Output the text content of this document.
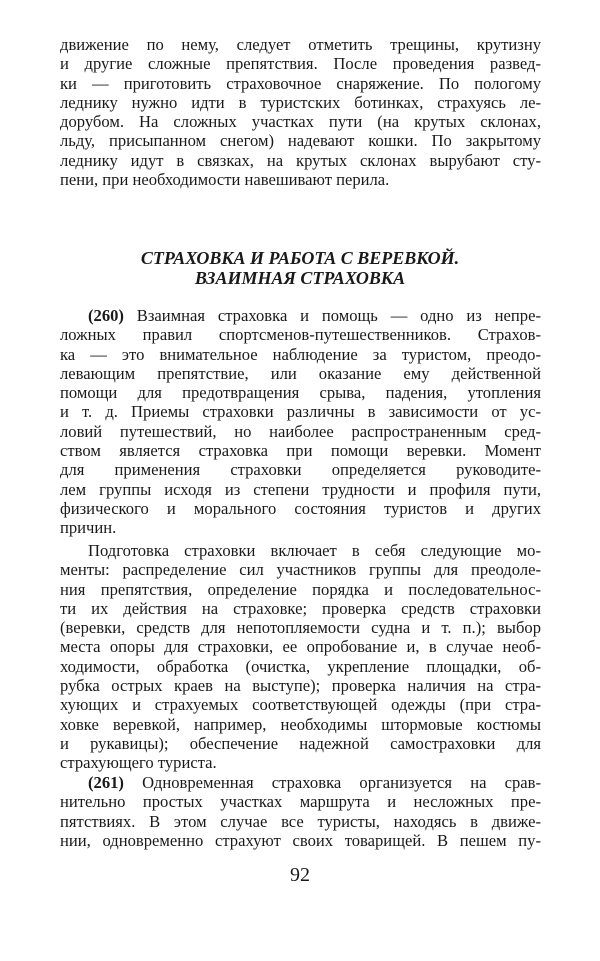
движение по нему, следует отметить трещины, крутизну
и другие сложные препятствия. После проведения развед-
ки — приготовить страховочное снаряжение. По пологому
леднику нужно идти в туристских ботинках, страхуясь ле-
дорубом. На сложных участках пути (на крутых склонах,
льду, присыпанном снегом) надевают кошки. По закрытому
леднику идут в связках, на крутых склонах вырубают сту-
пени, при необходимости навешивают перила.
СТРАХОВКА И РАБОТА С ВЕРЕВКОЙ.
ВЗАИМНАЯ СТРАХОВКА
(260) Взаимная страховка и помощь — одно из непре-
ложных правил спортсменов-путешественников. Страхов-
ка — это внимательное наблюдение за туристом, преодо-
левающим препятствие, или оказание ему действенной
помощи для предотвращения срыва, падения, утопления
и т. д. Приемы страховки различны в зависимости от ус-
ловий путешествий, но наиболее распространенным сред-
ством является страховка при помощи веревки. Момент
для применения страховки определяется руководите-
лем группы исходя из степени трудности и профиля пути,
физического и морального состояния туристов и других
причин.
Подготовка страховки включает в себя следующие мо-
менты: распределение сил участников группы для преодоле-
ния препятствия, определение порядка и последовательнос-
ти их действия на страховке; проверка средств страховки
(веревки, средств для непотопляемости судна и т. п.); выбор
места опоры для страховки, ее опробование и, в случае необ-
ходимости, обработка (очистка, укрепление площадки, об-
рубка острых краев на выступе); проверка наличия на стра-
хующих и страхуемых соответствующей одежды (при стра-
ховке веревкой, например, необходимы штормовые костюмы
и рукавицы); обеспечение надежной самостраховки для
страхующего туриста.
(261) Одновременная страховка организуется на срав-
нительно простых участках маршрута и несложных пре-
пятствиях. В этом случае все туристы, находясь в движе-
нии, одновременно страхуют своих товарищей. В пешем пу-
92
